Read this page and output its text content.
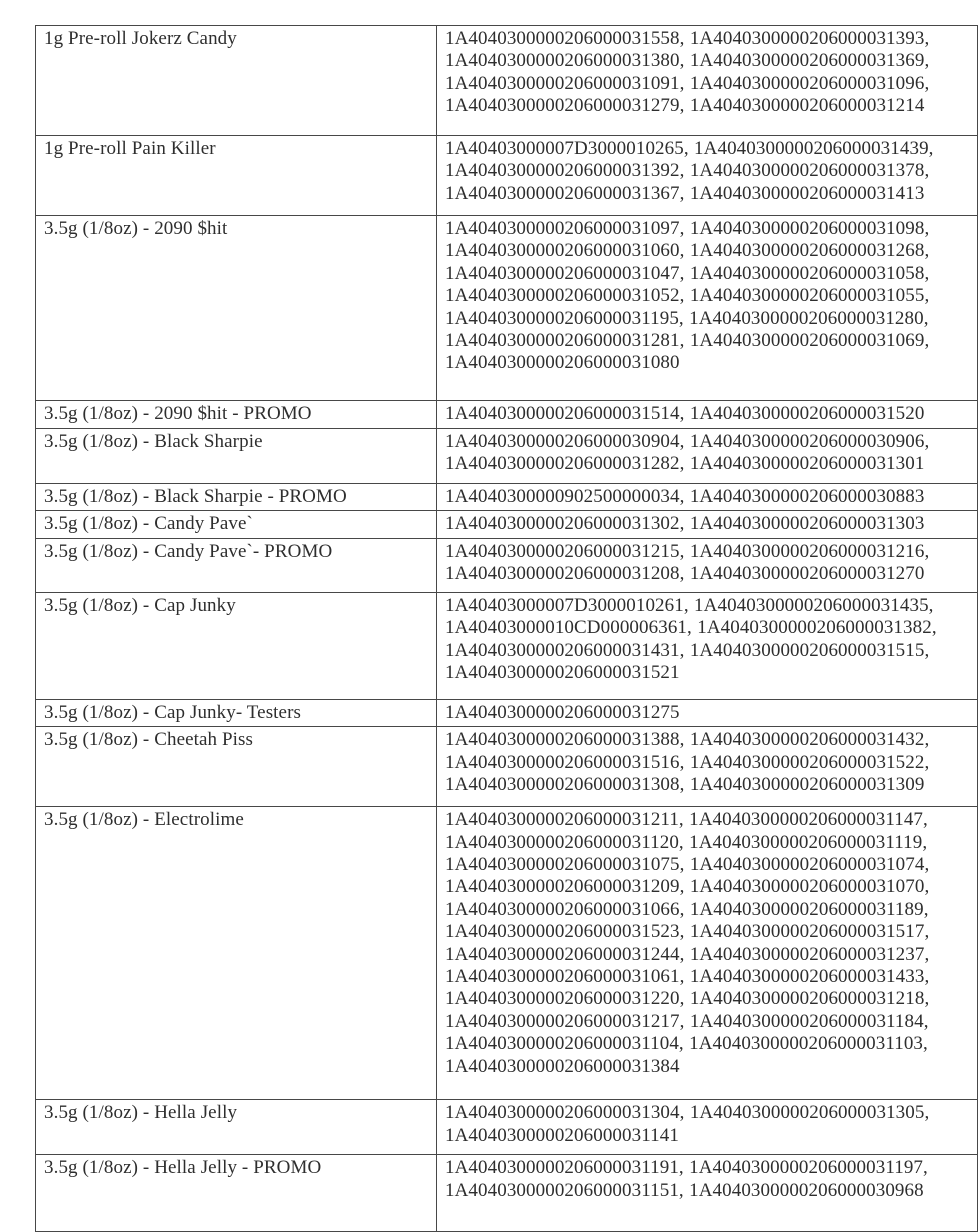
1g Pre-roll Jokerz Candy	1A4040300000206000031558, 1A4040300000206000031393, 1A4040300000206000031380, 1A4040300000206000031369, 1A4040300000206000031091, 1A4040300000206000031096, 1A4040300000206000031279, 1A4040300000206000031214
1g Pre-roll Pain Killer	1A40403000007D3000010265, 1A4040300000206000031439, 1A4040300000206000031392, 1A4040300000206000031378, 1A4040300000206000031367, 1A4040300000206000031413
3.5g (1/8oz) - 2090 $hit	1A4040300000206000031097, 1A4040300000206000031098, 1A4040300000206000031060, 1A4040300000206000031268, 1A4040300000206000031047, 1A4040300000206000031058, 1A4040300000206000031052, 1A4040300000206000031055, 1A4040300000206000031195, 1A4040300000206000031280, 1A4040300000206000031281, 1A4040300000206000031069, 1A4040300000206000031080
3.5g (1/8oz) - 2090 $hit - PROMO	1A4040300000206000031514, 1A4040300000206000031520
3.5g (1/8oz) - Black Sharpie	1A4040300000206000030904, 1A4040300000206000030906, 1A4040300000206000031282, 1A4040300000206000031301
3.5g (1/8oz) - Black Sharpie - PROMO	1A4040300000902500000034, 1A4040300000206000030883
3.5g (1/8oz) - Candy Pave`	1A4040300000206000031302, 1A4040300000206000031303
3.5g (1/8oz) - Candy Pave`- PROMO	1A4040300000206000031215, 1A4040300000206000031216, 1A4040300000206000031208, 1A4040300000206000031270
3.5g (1/8oz) - Cap Junky	1A40403000007D3000010261, 1A4040300000206000031435, 1A40403000010CD000006361, 1A4040300000206000031382, 1A4040300000206000031431, 1A4040300000206000031515, 1A4040300000206000031521
3.5g (1/8oz) - Cap Junky- Testers	1A4040300000206000031275
3.5g (1/8oz) - Cheetah Piss	1A4040300000206000031388, 1A4040300000206000031432, 1A4040300000206000031516, 1A4040300000206000031522, 1A4040300000206000031308, 1A4040300000206000031309
3.5g (1/8oz) - Electrolime	1A4040300000206000031211, 1A4040300000206000031147, 1A4040300000206000031120, 1A4040300000206000031119, 1A4040300000206000031075, 1A4040300000206000031074, 1A4040300000206000031209, 1A4040300000206000031070, 1A4040300000206000031066, 1A4040300000206000031189, 1A4040300000206000031523, 1A4040300000206000031517, 1A4040300000206000031244, 1A4040300000206000031237, 1A4040300000206000031061, 1A4040300000206000031433, 1A4040300000206000031220, 1A4040300000206000031218, 1A4040300000206000031217, 1A4040300000206000031184, 1A4040300000206000031104, 1A4040300000206000031103, 1A4040300000206000031384
3.5g (1/8oz) - Hella Jelly	1A4040300000206000031304, 1A4040300000206000031305, 1A4040300000206000031141
3.5g (1/8oz) - Hella Jelly - PROMO	1A4040300000206000031191, 1A4040300000206000031197, 1A4040300000206000031151, 1A4040300000206000030968
